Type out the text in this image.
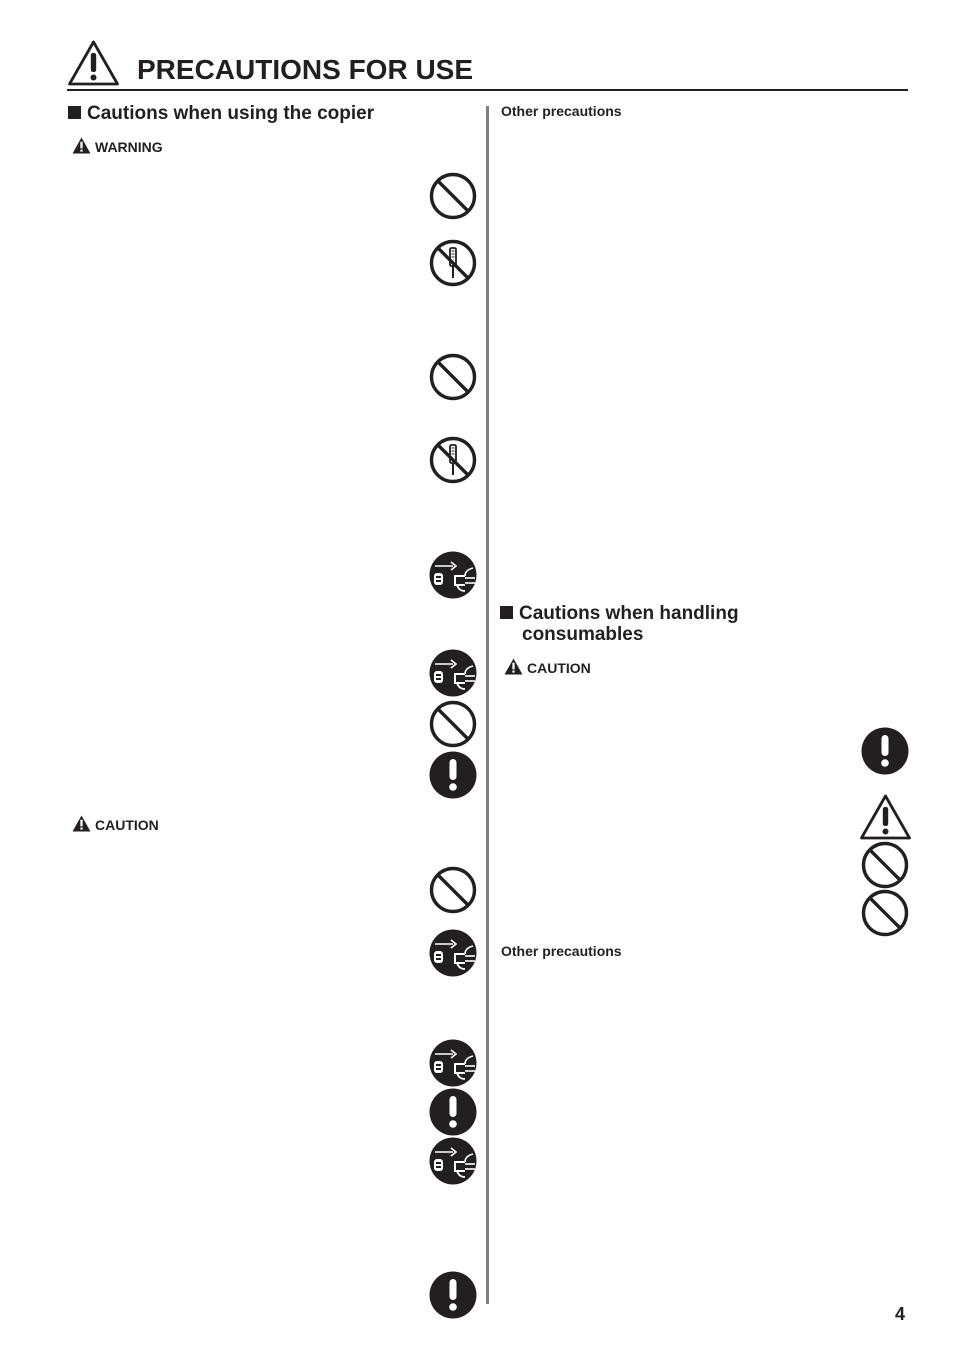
PRECAUTIONS FOR USE
Cautions when using the copier
WARNING
CAUTION
Other precautions
Cautions when handling
consumables
CAUTION
Other precautions
4
